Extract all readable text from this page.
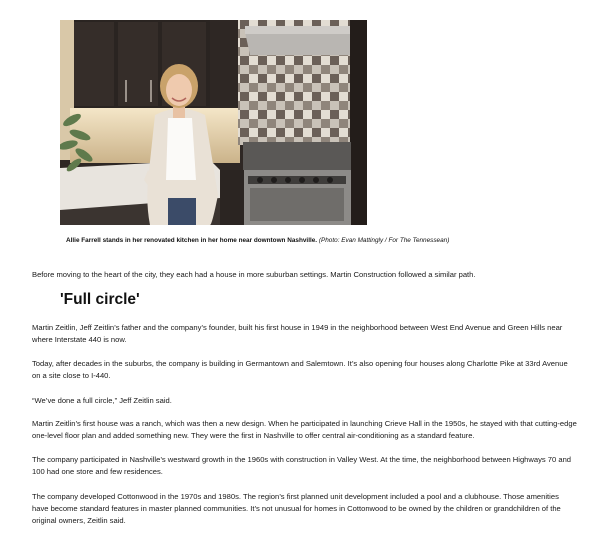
Allie Farrell stands in her renovated kitchen in her home near downtown Nashville. (Photo: Evan Mattingly / For The Tennessean)

Before moving to the heart of the city, they each had a house in more suburban settings. Martin Construction followed a similar path.

'Full circle'

Martin Zeitlin, Jeff Zeitlin’s father and the company’s founder, built his first house in 1949 in the neighborhood between West End Avenue and Green Hills near where Interstate 440 is now.

Today, after decades in the suburbs, the company is building in Germantown and Salemtown. It’s also opening four houses along Charlotte Pike at 33rd Avenue on a site close to I-440.

“We’ve done a full circle,” Jeff Zeitlin said.

Martin Zeitlin’s first house was a ranch, which was then a new design. When he participated in launching Crieve Hall in the 1950s, he stayed with that cutting-edge one-level floor plan and added something new. They were the first in Nashville to offer central air-conditioning as a standard feature.

The company participated in Nashville’s westward growth in the 1960s with construction in Valley West. At the time, the neighborhood between Highways 70 and 100 had one store and few residences.

The company developed Cottonwood in the 1970s and 1980s. The region’s first planned unit development included a pool and a clubhouse. Those amenities have become standard features in master planned communities. It’s not unusual for homes in Cottonwood to be owned by the children or grandchildren of the original owners, Zeitlin said.
